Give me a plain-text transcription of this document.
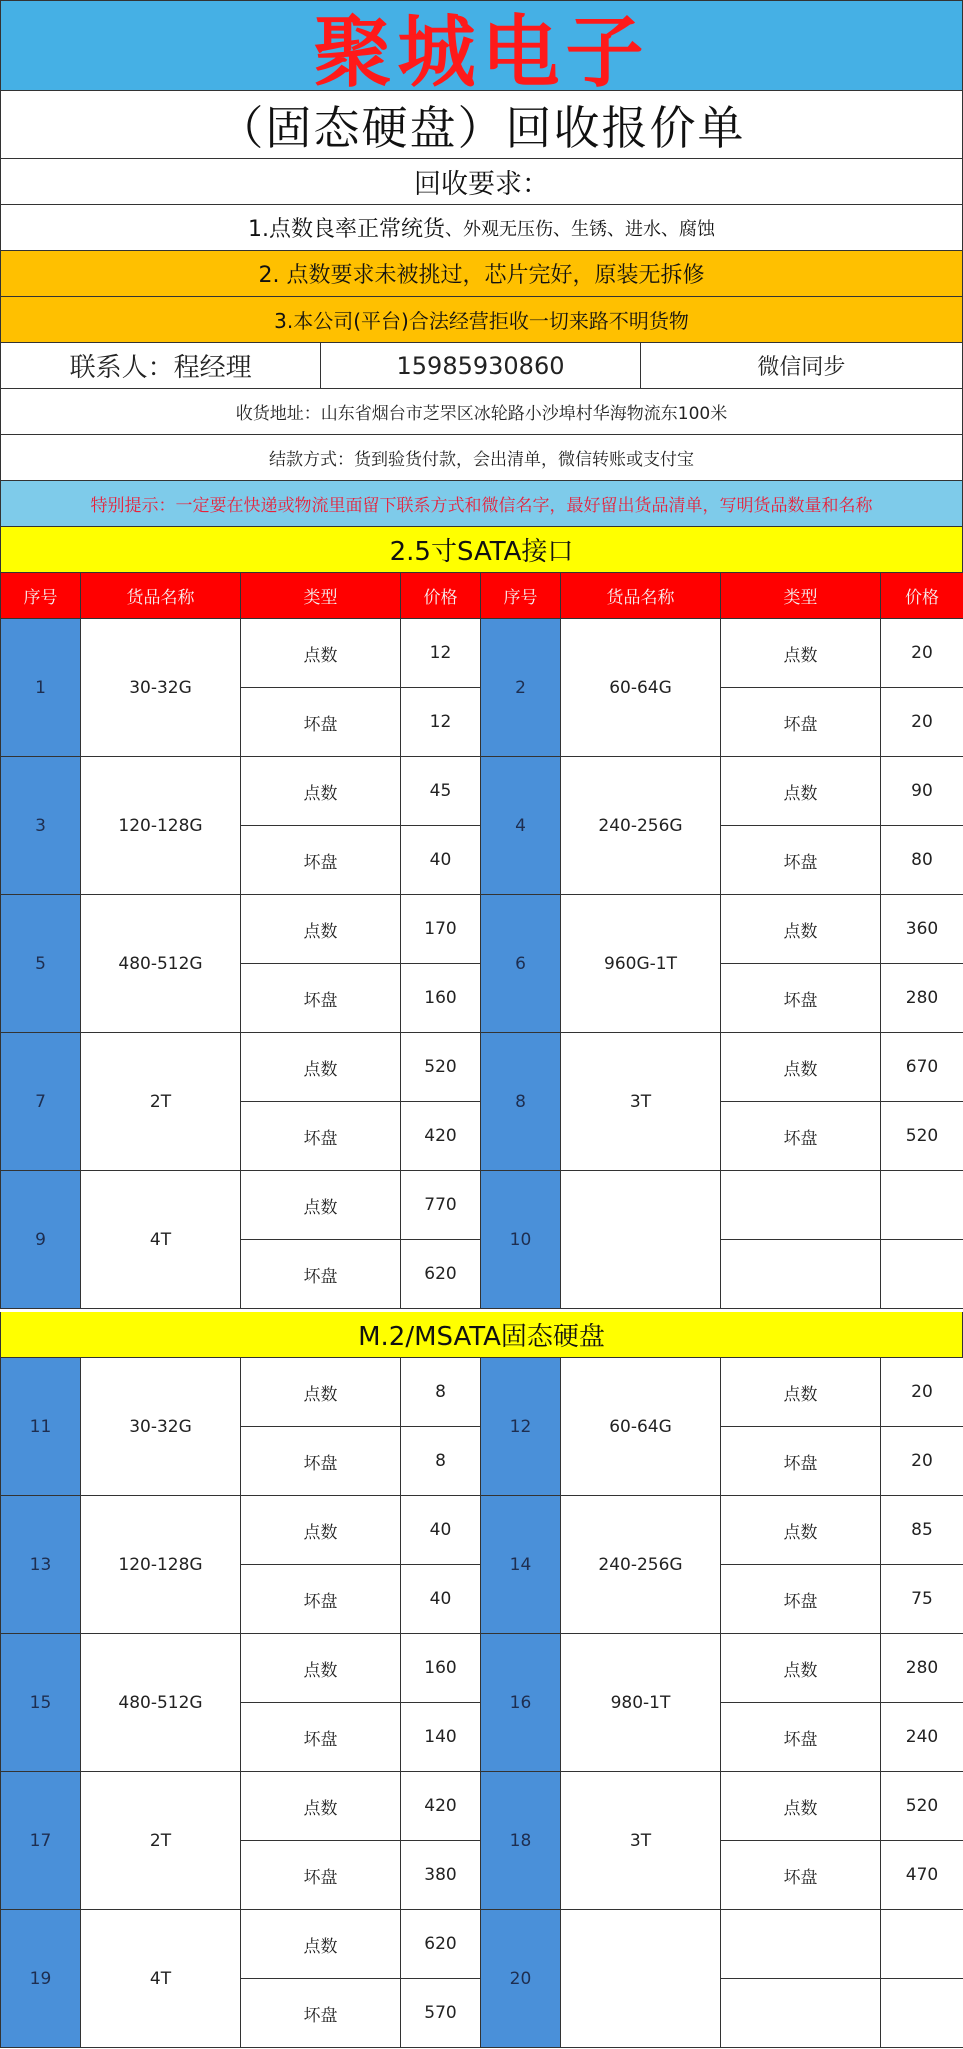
聚城电子
（固态硬盘）回收报价单
回收要求：
1.点数良率正常统货 、外观无压伤、生锈、进水、腐蚀
2. 点数要求未被挑过，芯片完好，原装无拆修
3.本公司(平台)合法经营拒收一切来路不明货物
联系人：程经理	15985930860	微信同步
收货地址：山东省烟台市芝罘区冰轮路小沙埠村华海物流东100米
结款方式：货到验货付款，会出清单，微信转账或支付宝
特别提示：一定要在快递或物流里面留下联系方式和微信名字，最好留出货品清单，写明货品数量和名称
2.5寸SATA接口
序号	货品名称	类型	价格	序号	货品名称	类型	价格
1	30-32G	点数	12	2	60-64G	点数	20
		坏盘	12			坏盘	20
3	120-128G	点数	45	4	240-256G	点数	90
		坏盘	40			坏盘	80
5	480-512G	点数	170	6	960G-1T	点数	360
		坏盘	160			坏盘	280
7	2T	点数	520	8	3T	点数	670
		坏盘	420			坏盘	520
9	4T	点数	770	10			
		坏盘	620				
M.2/MSATA固态硬盘
11	30-32G	点数	8	12	60-64G	点数	20
		坏盘	8			坏盘	20
13	120-128G	点数	40	14	240-256G	点数	85
		坏盘	40			坏盘	75
15	480-512G	点数	160	16	980-1T	点数	280
		坏盘	140			坏盘	240
17	2T	点数	420	18	3T	点数	520
		坏盘	380			坏盘	470
19	4T	点数	620	20			
		坏盘	570				
